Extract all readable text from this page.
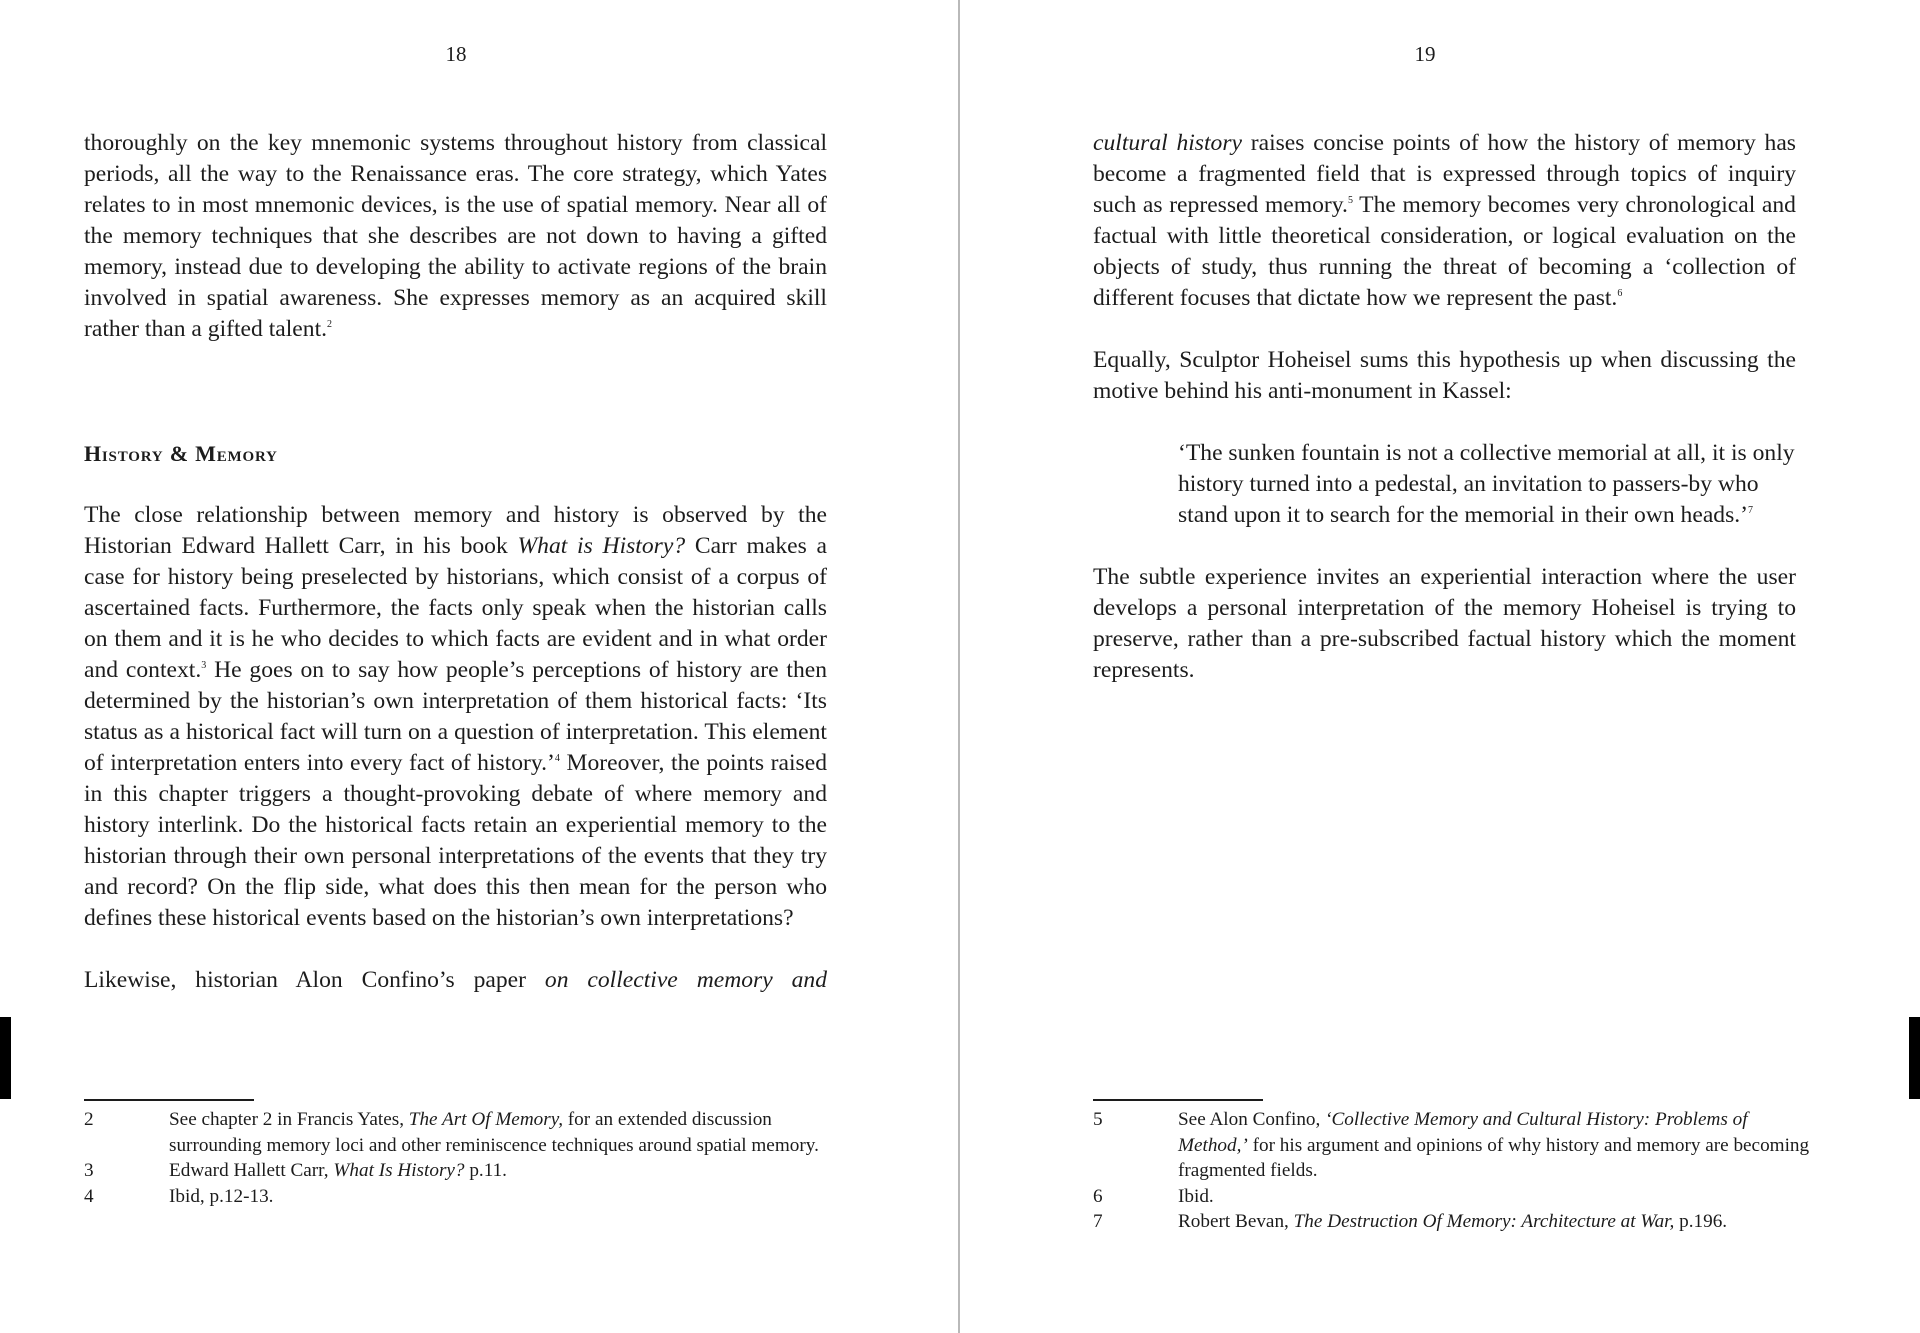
18

thoroughly on the key mnemonic systems throughout history from classical periods, all the way to the Renaissance eras. The core strategy, which Yates relates to in most mnemonic devices, is the use of spatial memory. Near all of the memory techniques that she describes are not down to having a gifted memory, instead due to developing the ability to activate regions of the brain involved in spatial awareness. She expresses memory as an acquired skill rather than a gifted talent.$^2$

History & Memory

The close relationship between memory and history is observed by the Historian Edward Hallett Carr, in his book What is History? Carr makes a case for history being preselected by historians, which consist of a corpus of ascertained facts. Furthermore, the facts only speak when the historian calls on them and it is he who decides to which facts are evident and in what order and context.$^3$ He goes on to say how people’s perceptions of history are then determined by the historian’s own interpretation of them historical facts: ‘Its status as a historical fact will turn on a question of interpretation. This element of interpretation enters into every fact of history.’$^4$ Moreover, the points raised in this chapter triggers a thought-provoking debate of where memory and history interlink. Do the historical facts retain an experiential memory to the historian through their own personal interpretations of the events that they try and record? On the flip side, what does this then mean for the person who defines these historical events based on the historian’s own interpretations?

Likewise, historian Alon Confino’s paper on collective memory and

2	See chapter 2 in Francis Yates, The Art Of Memory, for an extended discussion surrounding memory loci and other reminiscence techniques around spatial memory.
3	Edward Hallett Carr, What Is History? p.11.
4	Ibid, p.12-13.
19

cultural history raises concise points of how the history of memory has become a fragmented field that is expressed through topics of inquiry such as repressed memory.$^5$ The memory becomes very chronological and factual with little theoretical consideration, or logical evaluation on the objects of study, thus running the threat of becoming a ‘collection of different focuses that dictate how we represent the past.$^6$

Equally, Sculptor Hoheisel sums this hypothesis up when discussing the motive behind his anti-monument in Kassel:

‘The sunken fountain is not a collective memorial at all, it is only history turned into a pedestal, an invitation to passers-by who stand upon it to search for the memorial in their own heads.’$^7$

The subtle experience invites an experiential interaction where the user develops a personal interpretation of the memory Hoheisel is trying to preserve, rather than a pre-subscribed factual history which the moment represents.

5	See Alon Confino, ‘Collective Memory and Cultural History: Problems of Method,’ for his argument and opinions of why history and memory are becoming fragmented fields.
6	Ibid.
7	Robert Bevan, The Destruction Of Memory: Architecture at War, p.196.
